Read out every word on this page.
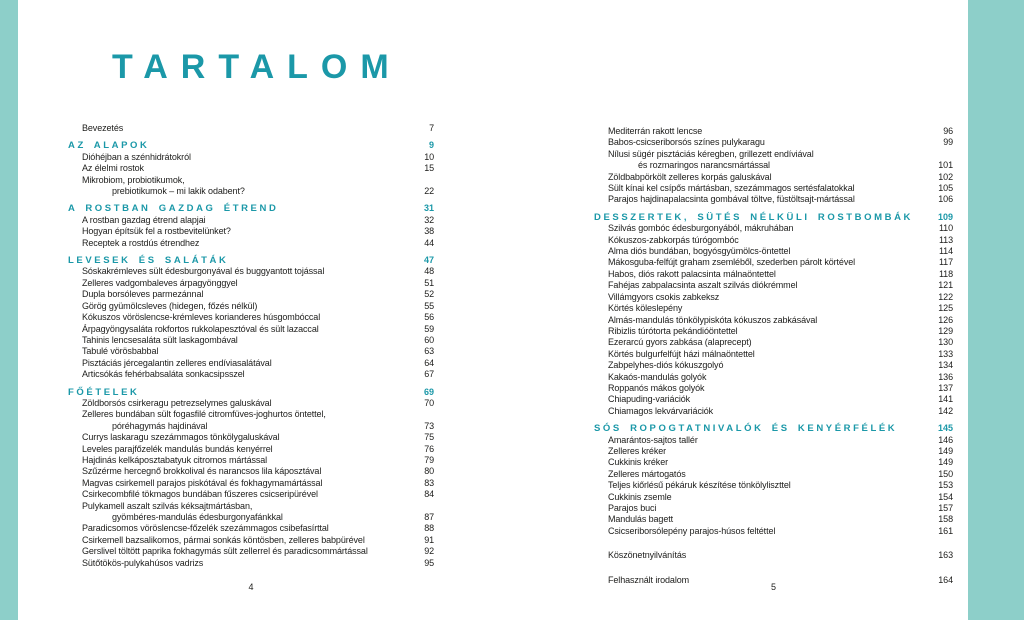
TARTALOM
Bevezetés	7
AZ ALAPOK	9
Dióhéjban a szénhidrátokról	10
Az élelmi rostok	15
Mikrobiom, probiotikumok,
prebiotikumok – mi lakik odabent?	22
A ROSTBAN GAZDAG ÉTREND	31
A rostban gazdag étrend alapjai	32
Hogyan építsük fel a rostbevitelünket?	38
Receptek a rostdús étrendhez	44
LEVESEK ÉS SALÁTÁK	47
Sóskakrémleves sült édesburgonyával és buggyantott tojással	48
Zelleres vadgombaleves árpagyönggyel	51
Dupla borsóleves parmezánnal	52
Görög gyümölcsleves (hidegen, főzés nélkül)	55
Kókuszos vöröslencse-krémleves korianderes húsgombóccal	56
Árpagyöngysaláta rokfortos rukkolapesztóval és sült lazaccal	59
Tahinis lencsesaláta sült laskagombával	60
Tabulé vörösbabbal	63
Pisztáciás jércegalantin zelleres endíviasalátával	64
Articsókás fehérbabsaláta sonkacsipsszel	67
FŐÉTELEK	69
Zöldborsós csirkeragu petrezselymes galuskával	70
Zelleres bundában sült fogasfilé citromfüves-joghurtos öntettel,
póréhagymás hajdinával	73
Currys laskaragu szezámmagos tönkölygaluskával	75
Leveles parajfőzelék mandulás bundás kenyérrel	76
Hajdinás kelkáposztabatyuk citromos mártással	79
Szűzérme hercegnő brokkolival és narancsos lila káposztával	80
Magvas csirkemell parajos piskótával és fokhagymamártással	83
Csirkecombfilé tökmagos bundában fűszeres csicseripürével	84
Pulykamell aszalt szilvás kéksajtmártásban,
gyömbéres-mandulás édesburgonyafánkkal	87
Paradicsomos vöröslencse-főzelék szezámmagos csibefasírttal	88
Csirkemell bazsalikomos, pármai sonkás köntösben, zelleres babpürével	91
Gerslivel töltött paprika fokhagymás sült zellerrel és paradicsommártással	92
Sütőtökös-pulykahúsos vadrizs	95
Mediterrán rakott lencse	96
Babos-csicseriborsós színes pulykaragu	99
Nílusi sügér pisztáciás kéregben, grillezett endíviával
és rozmaringos narancsmártással	101
Zöldbabpörkölt zelleres korpás galuskával	102
Sült kínai kel csípős mártásban, szezámmagos sertésfalatokkal	105
Parajos hajdinapalacsinta gombával töltve, füstöltsajt-mártással	106
DESSZERTEK, SÜTÉS NÉLKÜLI ROSTBOMBÁK	109
Szilvás gombóc édesburgonyából, mákruhában	110
Kókuszos-zabkorpás túrógombóc	113
Alma diós bundában, bogyósgyümölcs-öntettel	114
Mákosguba-felfújt graham zsemléből, szederben párolt körtével	117
Habos, diós rakott palacsinta málnaöntettel	118
Fahéjas zabpalacsinta aszalt szilvás diókrémmel	121
Villámgyors csokis zabkeksz	122
Körtés köleslepény	125
Almás-mandulás tönkölypiskóta kókuszos zabkásával	126
Ribizlis túrótorta pekándióöntettel	129
Ezerarcú gyors zabkása (alaprecept)	130
Körtés bulgurfelfújt házi málnaöntettel	133
Zabpelyhes-diós kókuszgolyó	134
Kakaós-mandulás golyók	136
Roppanós mákos golyók	137
Chiapuding-variációk	141
Chiamagos lekvárvariációk	142
SÓS ROPOGTATNIVALÓK ÉS KENYÉRFÉLÉK	145
Amarántos-sajtos tallér	146
Zelleres kréker	149
Cukkinis kréker	149
Zelleres mártogatós	150
Teljes kiőrlésű pékáruk készítése tönkölyliszttel	153
Cukkinis zsemle	154
Parajos buci	157
Mandulás bagett	158
Csicseriborsólepény parajos-húsos feltéttel	161
Köszönetnyilvánítás	163
Felhasznált irodalom	164
4	5
